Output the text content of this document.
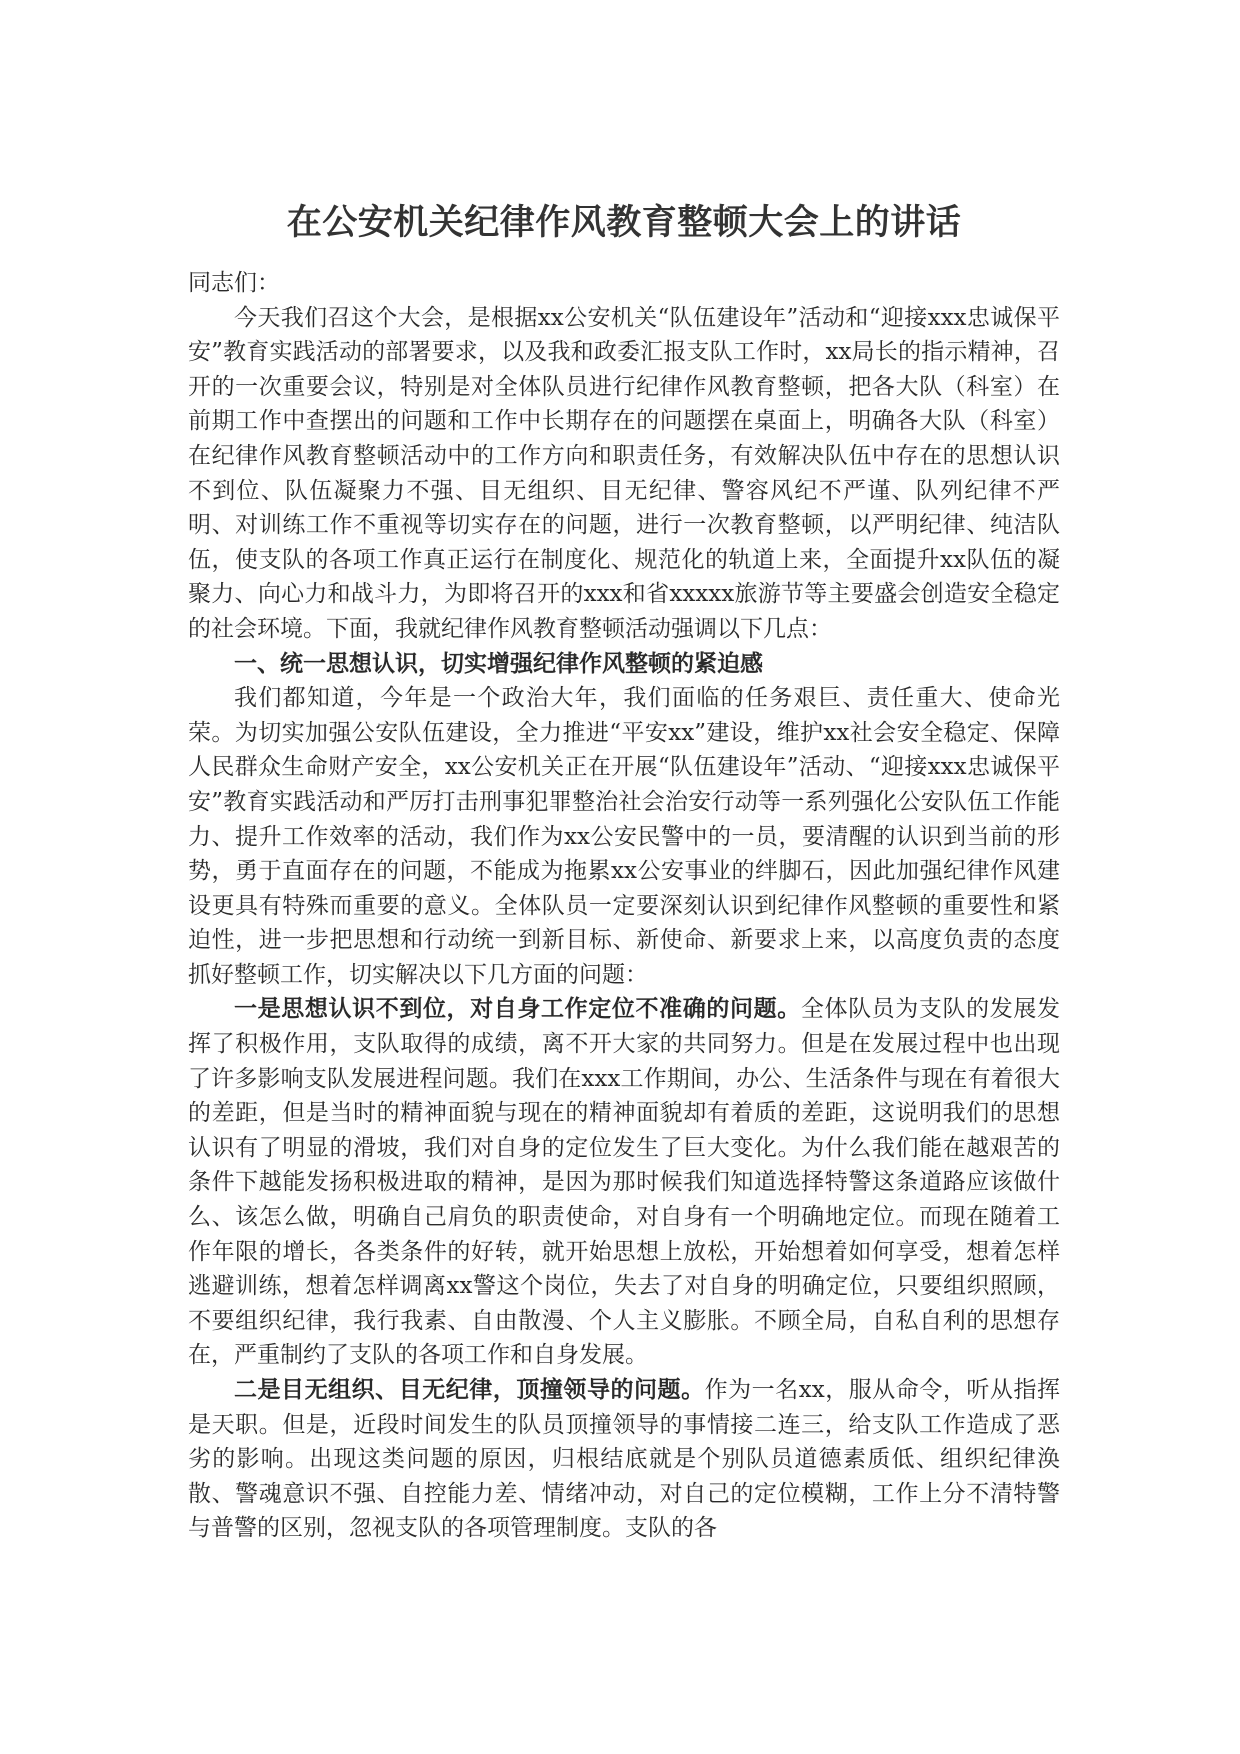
在公安机关纪律作风教育整顿大会上的讲话

同志们：

今天我们召这个大会，是根据xx公安机关“队伍建设年”活动和“迎接xxx忠诚保平安”教育实践活动的部署要求，以及我和政委汇报支队工作时，xx局长的指示精神，召开的一次重要会议，特别是对全体队员进行纪律作风教育整顿，把各大队（科室）在前期工作中查摆出的问题和工作中长期存在的问题摆在桌面上，明确各大队（科室）在纪律作风教育整顿活动中的工作方向和职责任务，有效解决队伍中存在的思想认识不到位、队伍凝聚力不强、目无组织、目无纪律、警容风纪不严谨、队列纪律不严明、对训练工作不重视等切实存在的问题，进行一次教育整顿，以严明纪律、纯洁队伍，使支队的各项工作真正运行在制度化、规范化的轨道上来，全面提升xx队伍的凝聚力、向心力和战斗力，为即将召开的xxx和省xxxxx旅游节等主要盛会创造安全稳定的社会环境。下面，我就纪律作风教育整顿活动强调以下几点：

一、统一思想认识，切实增强纪律作风整顿的紧迫感

我们都知道，今年是一个政治大年，我们面临的任务艰巨、责任重大、使命光荣。为切实加强公安队伍建设，全力推进“平安xx”建设，维护xx社会安全稳定、保障人民群众生命财产安全，xx公安机关正在开展“队伍建设年”活动、“迎接xxx忠诚保平安”教育实践活动和严厉打击刑事犯罪整治社会治安行动等一系列强化公安队伍工作能力、提升工作效率的活动，我们作为xx公安民警中的一员，要清醒的认识到当前的形势，勇于直面存在的问题，不能成为拖累xx公安事业的绊脚石，因此加强纪律作风建设更具有特殊而重要的意义。全体队员一定要深刻认识到纪律作风整顿的重要性和紧迫性，进一步把思想和行动统一到新目标、新使命、新要求上来，以高度负责的态度抓好整顿工作，切实解决以下几方面的问题：

一是思想认识不到位，对自身工作定位不准确的问题。全体队员为支队的发展发挥了积极作用，支队取得的成绩，离不开大家的共同努力。但是在发展过程中也出现了许多影响支队发展进程问题。我们在xxx工作期间，办公、生活条件与现在有着很大的差距，但是当时的精神面貌与现在的精神面貌却有着质的差距，这说明我们的思想认识有了明显的滑坡，我们对自身的定位发生了巨大变化。为什么我们能在越艰苦的条件下越能发扬积极进取的精神，是因为那时候我们知道选择特警这条道路应该做什么、该怎么做，明确自己肩负的职责使命，对自身有一个明确地定位。而现在随着工作年限的增长，各类条件的好转，就开始思想上放松，开始想着如何享受，想着怎样逃避训练，想着怎样调离xx警这个岗位，失去了对自身的明确定位，只要组织照顾，不要组织纪律，我行我素、自由散漫、个人主义膨胀。不顾全局，自私自利的思想存在，严重制约了支队的各项工作和自身发展。

二是目无组织、目无纪律，顶撞领导的问题。作为一名xx，服从命令，听从指挥是天职。但是，近段时间发生的队员顶撞领导的事情接二连三，给支队工作造成了恶劣的影响。出现这类问题的原因，归根结底就是个别队员道德素质低、组织纪律涣散、警魂意识不强、自控能力差、情绪冲动，对自己的定位模糊，工作上分不清特警与普警的区别，忽视支队的各项管理制度。支队的各
